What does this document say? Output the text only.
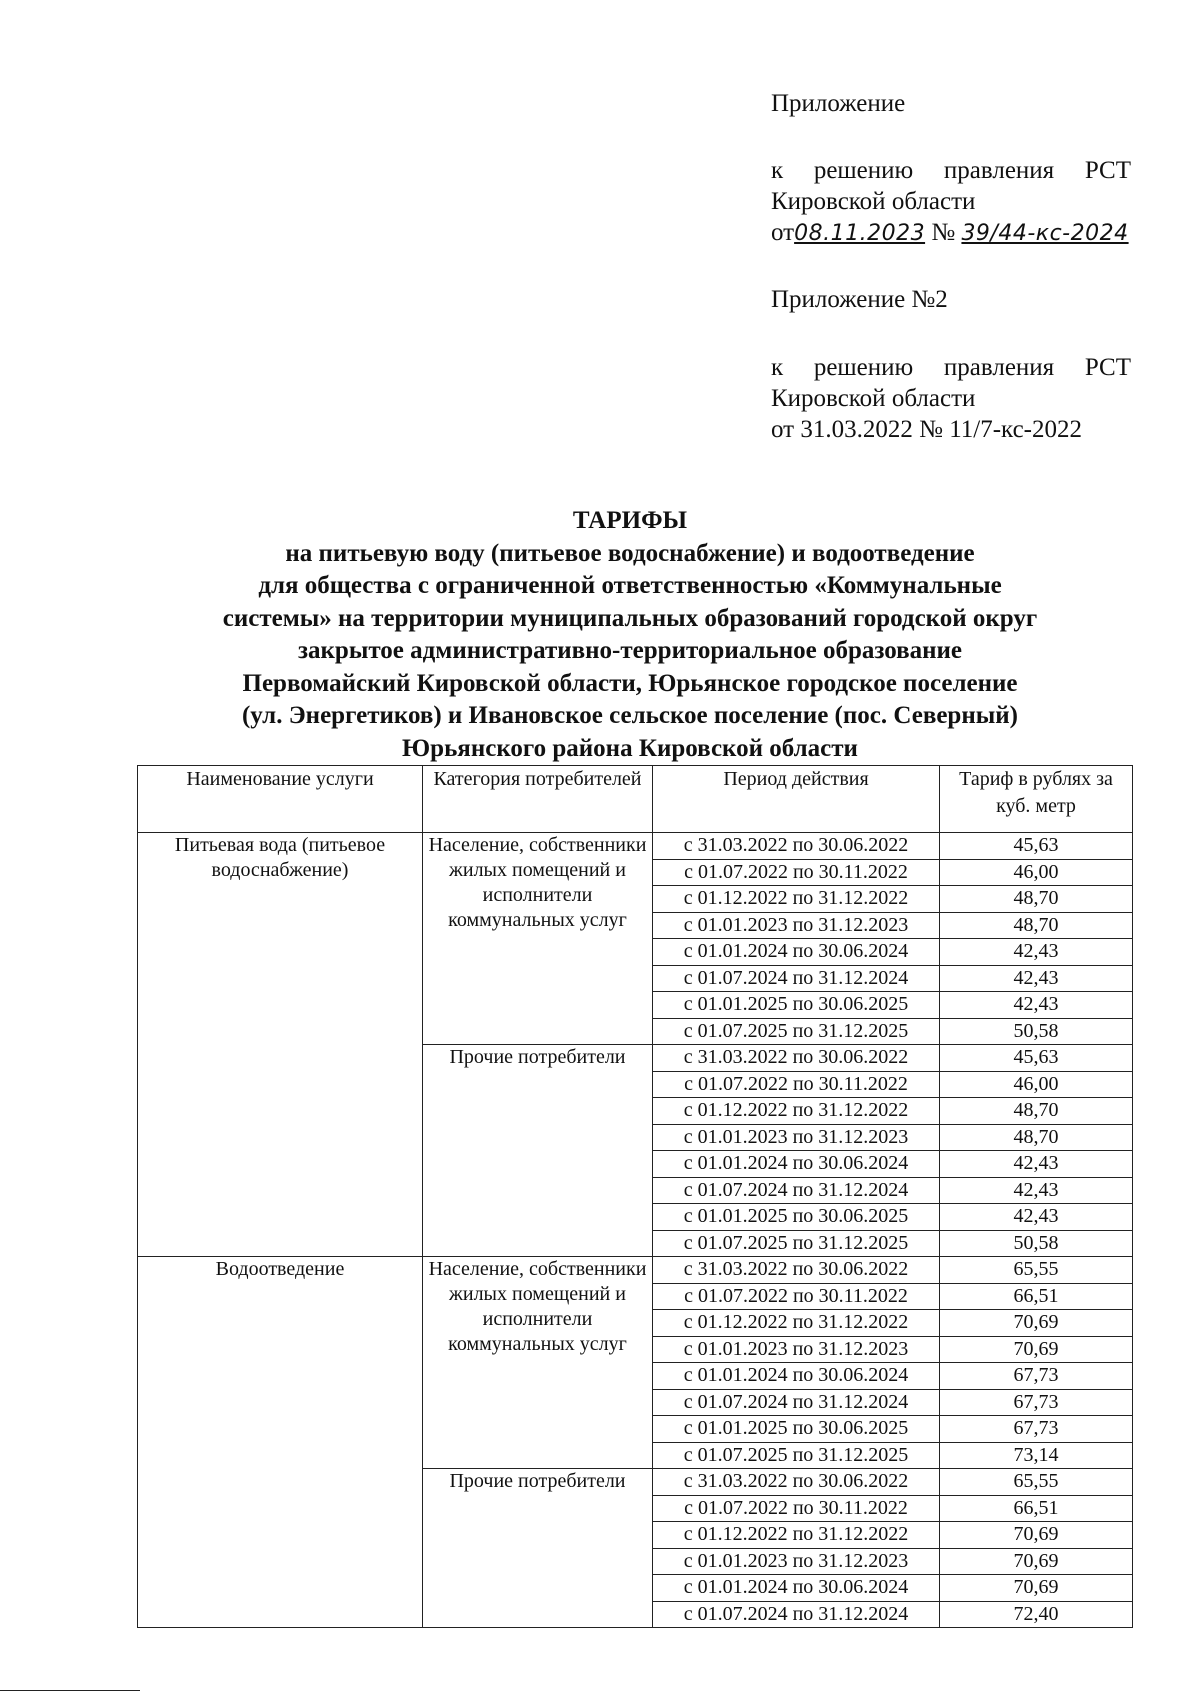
Приложение
к решению правления РСТ
Кировской области
от08.11.2023 № 39/44-кс-2024
Приложение №2
к решению правления РСТ
Кировской области
от 31.03.2022 № 11/7-кс-2022
ТАРИФЫ
на питьевую воду (питьевое водоснабжение) и водоотведение
для общества с ограниченной ответственностью «Коммунальные
системы» на территории муниципальных образований городской округ
закрытое административно-территориальное образование
Первомайский Кировской области, Юрьянское городское поселение
(ул. Энергетиков) и Ивановское сельское поселение (пос. Северный)
Юрьянского района Кировской области
Наименование услуги	Категория потребителей	Период действия	Тариф в рублях за куб. метр
Питьевая вода (питьевое водоснабжение)	Население, собственники жилых помещений и исполнители коммунальных услуг	с 31.03.2022 по 30.06.2022	45,63
		с 01.07.2022 по 30.11.2022	46,00
		с 01.12.2022 по 31.12.2022	48,70
		с 01.01.2023 по 31.12.2023	48,70
		с 01.01.2024 по 30.06.2024	42,43
		с 01.07.2024 по 31.12.2024	42,43
		с 01.01.2025 по 30.06.2025	42,43
		с 01.07.2025 по 31.12.2025	50,58
	Прочие потребители	с 31.03.2022 по 30.06.2022	45,63
		с 01.07.2022 по 30.11.2022	46,00
		с 01.12.2022 по 31.12.2022	48,70
		с 01.01.2023 по 31.12.2023	48,70
		с 01.01.2024 по 30.06.2024	42,43
		с 01.07.2024 по 31.12.2024	42,43
		с 01.01.2025 по 30.06.2025	42,43
		с 01.07.2025 по 31.12.2025	50,58
Водоотведение	Население, собственники жилых помещений и исполнители коммунальных услуг	с 31.03.2022 по 30.06.2022	65,55
		с 01.07.2022 по 30.11.2022	66,51
		с 01.12.2022 по 31.12.2022	70,69
		с 01.01.2023 по 31.12.2023	70,69
		с 01.01.2024 по 30.06.2024	67,73
		с 01.07.2024 по 31.12.2024	67,73
		с 01.01.2025 по 30.06.2025	67,73
		с 01.07.2025 по 31.12.2025	73,14
	Прочие потребители	с 31.03.2022 по 30.06.2022	65,55
		с 01.07.2022 по 30.11.2022	66,51
		с 01.12.2022 по 31.12.2022	70,69
		с 01.01.2023 по 31.12.2023	70,69
		с 01.01.2024 по 30.06.2024	70,69
		с 01.07.2024 по 31.12.2024	72,40
